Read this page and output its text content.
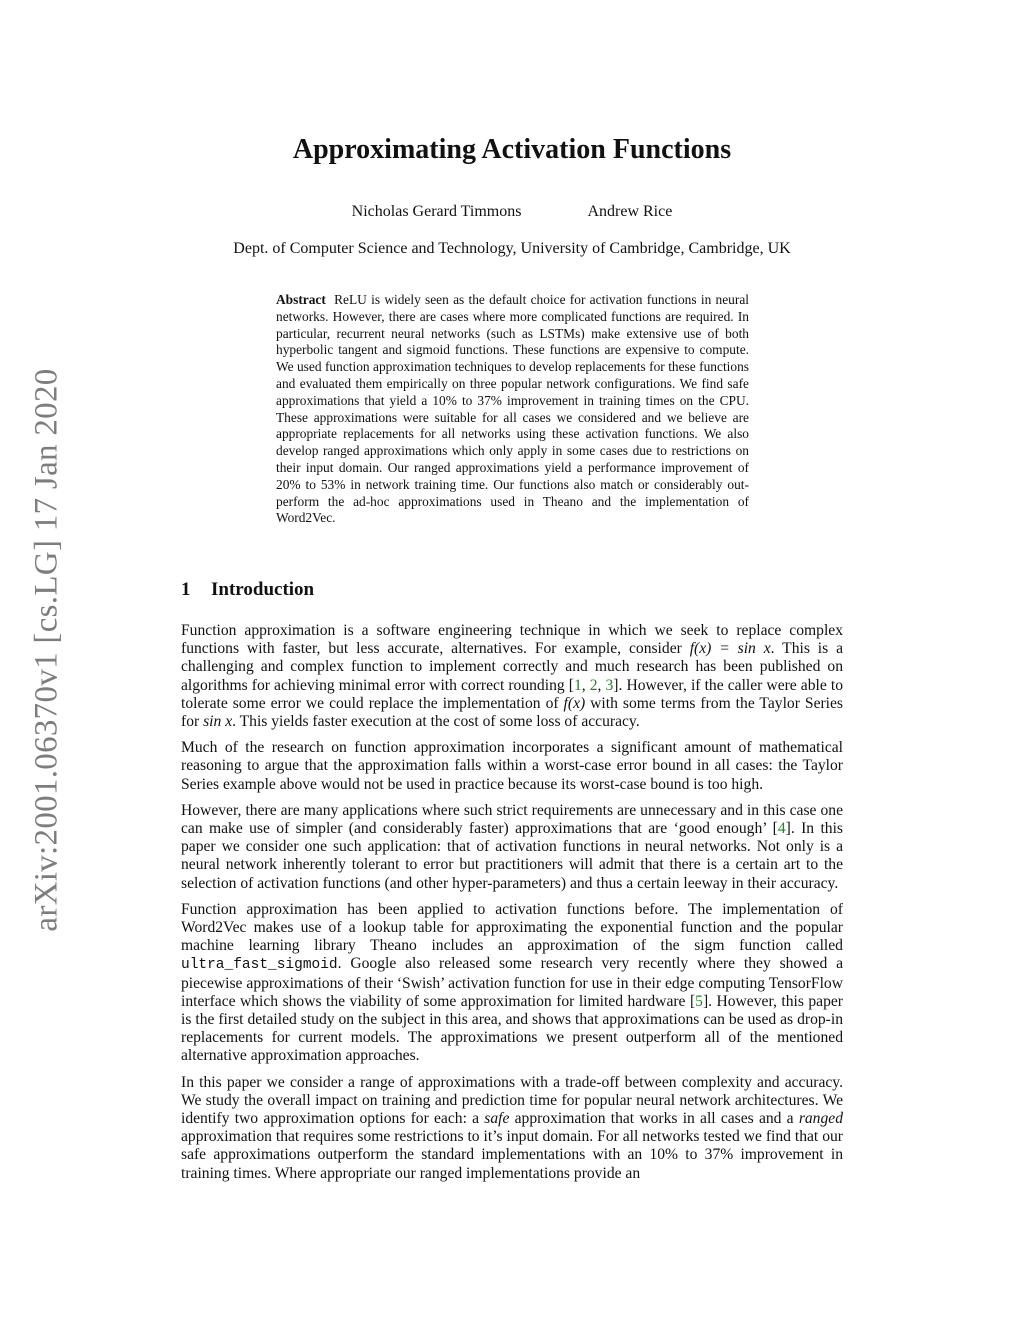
arXiv:2001.06370v1 [cs.LG] 17 Jan 2020
Approximating Activation Functions
Nicholas Gerard Timmons	Andrew Rice
Dept. of Computer Science and Technology, University of Cambridge, Cambridge, UK
Abstract ReLU is widely seen as the default choice for activation functions in neural networks. However, there are cases where more complicated functions are required. In particular, recurrent neural networks (such as LSTMs) make extensive use of both hyperbolic tangent and sigmoid functions. These functions are expensive to compute. We used function approximation techniques to develop replacements for these functions and evaluated them empirically on three popular network configurations. We find safe approximations that yield a 10% to 37% improvement in training times on the CPU. These approximations were suitable for all cases we considered and we believe are appropriate replacements for all networks using these activation functions. We also develop ranged approximations which only apply in some cases due to restrictions on their input domain. Our ranged approximations yield a performance improvement of 20% to 53% in network training time. Our functions also match or considerably out-perform the ad-hoc approximations used in Theano and the implementation of Word2Vec.
1 Introduction

Function approximation is a software engineering technique in which we seek to replace complex functions with faster, but less accurate, alternatives. For example, consider f(x) = sin x. This is a challenging and complex function to implement correctly and much research has been published on algorithms for achieving minimal error with correct rounding [1, 2, 3]. However, if the caller were able to tolerate some error we could replace the implementation of f(x) with some terms from the Taylor Series for sin x. This yields faster execution at the cost of some loss of accuracy.

Much of the research on function approximation incorporates a significant amount of mathematical reasoning to argue that the approximation falls within a worst-case error bound in all cases: the Taylor Series example above would not be used in practice because its worst-case bound is too high.

However, there are many applications where such strict requirements are unnecessary and in this case one can make use of simpler (and considerably faster) approximations that are ‘good enough’ [4]. In this paper we consider one such application: that of activation functions in neural networks. Not only is a neural network inherently tolerant to error but practitioners will admit that there is a certain art to the selection of activation functions (and other hyper-parameters) and thus a certain leeway in their accuracy.

Function approximation has been applied to activation functions before. The implementation of Word2Vec makes use of a lookup table for approximating the exponential function and the popular machine learning library Theano includes an approximation of the sigm function called ultra_fast_sigmoid. Google also released some research very recently where they showed a piecewise approximations of their ‘Swish’ activation function for use in their edge computing TensorFlow interface which shows the viability of some approximation for limited hardware [5]. However, this paper is the first detailed study on the subject in this area, and shows that approximations can be used as drop-in replacements for current models. The approximations we present outperform all of the mentioned alternative approximation approaches.

In this paper we consider a range of approximations with a trade-off between complexity and accuracy. We study the overall impact on training and prediction time for popular neural network architectures. We identify two approximation options for each: a safe approximation that works in all cases and a ranged approximation that requires some restrictions to it’s input domain. For all networks tested we find that our safe approximations outperform the standard implementations with an 10% to 37% improvement in training times. Where appropriate our ranged implementations provide an
